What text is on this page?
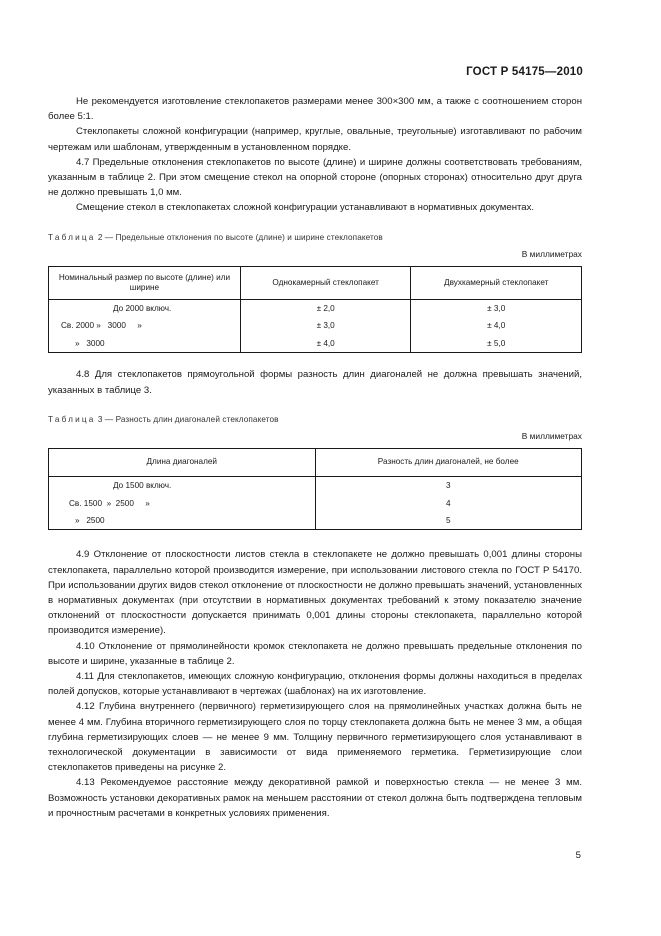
ГОСТ Р 54175—2010

Не рекомендуется изготовление стеклопакетов размерами менее 300×300 мм, а также с соотношением сторон более 5:1.

Стеклопакеты сложной конфигурации (например, круглые, овальные, треугольные) изготавливают по рабочим чертежам или шаблонам, утвержденным в установленном порядке.

4.7 Предельные отклонения стеклопакетов по высоте (длине) и ширине должны соответствовать требованиям, указанным в таблице 2. При этом смещение стекол на опорной стороне (опорных сторонах) относительно друг друга не должно превышать 1,0 мм.

Смещение стекол в стеклопакетах сложной конфигурации устанавливают в нормативных документах.

Таблица 2 — Предельные отклонения по высоте (длине) и ширине стеклопакетов
В миллиметрах
Номинальный размер по высоте (длине) или ширине	Однокамерный стеклопакет	Двухкамерный стеклопакет
До 2000 включ.	± 2,0	± 3,0
Св. 2000 »   3000     »	± 3,0	± 4,0
»   3000	± 4,0	± 5,0

4.8 Для стеклопакетов прямоугольной формы разность длин диагоналей не должна превышать значений, указанных в таблице 3.

Таблица 3 — Разность длин диагоналей стеклопакетов
В миллиметрах
Длина диагоналей	Разность длин диагоналей, не более
До 1500 включ.	3
Св. 1500  »  2500     »	4
»   2500	5

4.9 Отклонение от плоскостности листов стекла в стеклопакете не должно превышать 0,001 длины стороны стеклопакета, параллельно которой производится измерение, при использовании листового стекла по ГОСТ Р 54170. При использовании других видов стекол отклонение от плоскостности не должно превышать значений, установленных в нормативных документах (при отсутствии в нормативных документах требований к этому показателю значение отклонений от плоскостности допускается принимать 0,001 длины стороны стеклопакета, параллельно которой производится измерение).

4.10 Отклонение от прямолинейности кромок стеклопакета не должно превышать предельные отклонения по высоте и ширине, указанные в таблице 2.

4.11 Для стеклопакетов, имеющих сложную конфигурацию, отклонения формы должны находиться в пределах полей допусков, которые устанавливают в чертежах (шаблонах) на их изготовление.

4.12 Глубина внутреннего (первичного) герметизирующего слоя на прямолинейных участках должна быть не менее 4 мм. Глубина вторичного герметизирующего слоя по торцу стеклопакета должна быть не менее 3 мм, а общая глубина герметизирующих слоев — не менее 9 мм. Толщину первичного герметизирующего слоя устанавливают в технологической документации в зависимости от вида применяемого герметика. Герметизирующие слои стеклопакетов приведены на рисунке 2.

4.13 Рекомендуемое расстояние между декоративной рамкой и поверхностью стекла — не менее 3 мм. Возможность установки декоративных рамок на меньшем расстоянии от стекол должна быть подтверждена тепловым и прочностным расчетами в конкретных условиях применения.

5
